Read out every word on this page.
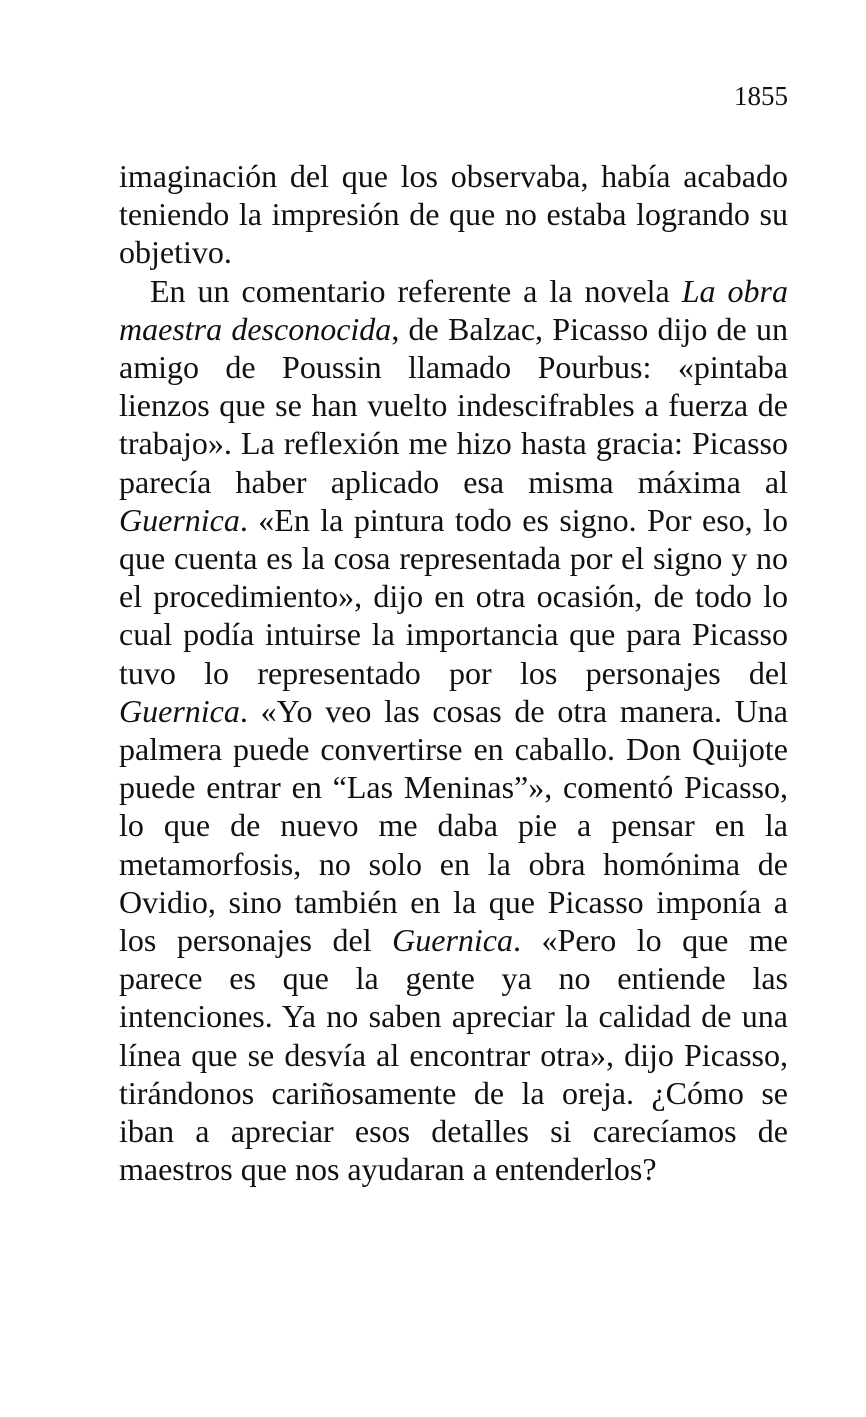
1855

imaginación del que los observaba, había acabado teniendo la impresión de que no estaba logrando su objetivo.

En un comentario referente a la novela La obra maestra desconocida, de Balzac, Picasso dijo de un amigo de Poussin llamado Pourbus: «pintaba lienzos que se han vuelto indescifrables a fuerza de trabajo». La reflexión me hizo hasta gracia: Picasso parecía haber aplicado esa misma máxima al Guernica. «En la pintura todo es signo. Por eso, lo que cuenta es la cosa representada por el signo y no el procedimiento», dijo en otra ocasión, de todo lo cual podía intuirse la importancia que para Picasso tuvo lo representado por los personajes del Guernica. «Yo veo las cosas de otra manera. Una palmera puede convertirse en caballo. Don Quijote puede entrar en “Las Meninas”», comentó Picasso, lo que de nuevo me daba pie a pensar en la metamorfosis, no solo en la obra homónima de Ovidio, sino también en la que Picasso imponía a los personajes del Guernica. «Pero lo que me parece es que la gente ya no entiende las intenciones. Ya no saben apreciar la calidad de una línea que se desvía al encontrar otra», dijo Picasso, tirándonos cariñosamente de la oreja. ¿Cómo se iban a apreciar esos detalles si carecíamos de maestros que nos ayudaran a entenderlos?
